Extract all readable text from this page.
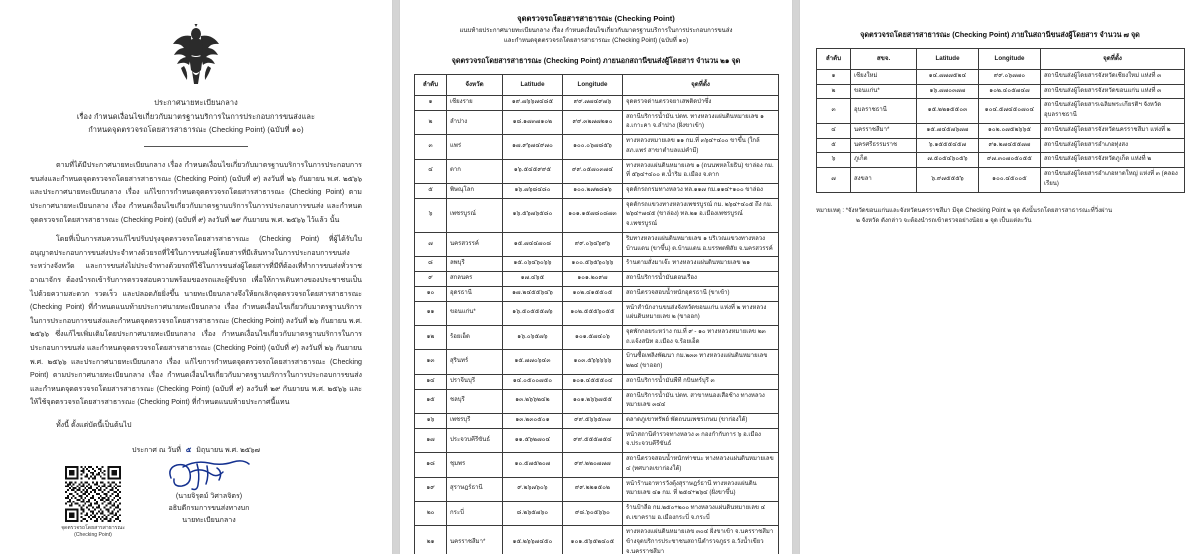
ประกาศนายทะเบียนกลาง
เรื่อง กำหนดเงื่อนไขเกี่ยวกับมาตรฐานบริการในการประกอบการขนส่งและ
กำหนดจุดตรวจรถโดยสารสาธารณะ (Checking Point) (ฉบับที่ ๑๐)

ตามที่ได้มีประกาศนายทะเบียนกลาง เรื่อง กำหนดเงื่อนไขเกี่ยวกับมาตรฐานบริการในการประกอบการขนส่งและกำหนดจุดตรวจรถโดยสารสาธารณะ (Checking Point) (ฉบับที่ ๙) ลงวันที่ ๒๖ กันยายน พ.ศ. ๒๕๖๖ และประกาศนายทะเบียนกลาง เรื่อง แก้ไขการกำหนดจุดตรวจรถโดยสารสาธารณะ (Checking Point) ตามประกาศนายทะเบียนกลาง เรื่อง กำหนดเงื่อนไขเกี่ยวกับมาตรฐานบริการในการประกอบการขนส่ง และกำหนดจุดตรวจรถโดยสารสาธารณะ (Checking Point) (ฉบับที่ ๙) ลงวันที่ ๒๙ กันยายน พ.ศ. ๒๕๖๖ ไว้แล้ว นั้น

โดยที่เป็นการสมควรแก้ไขปรับปรุงจุดตรวจรถโดยสารสาธารณะ (Checking Point) ที่ผู้ได้รับใบอนุญาตประกอบการขนส่งประจำทางด้วยรถที่ใช้ในการขนส่งผู้โดยสารที่มีเส้นทางในการประกอบการขนส่งระหว่างจังหวัด และการขนส่งไม่ประจำทางด้วยรถที่ใช้ในการขนส่งผู้โดยสารที่มีที่ต้องเที่ทำการขนส่งทั่วราชอาณาจักร ต้องนำรถเข้ารับการตรวจสอบความพร้อมของรถและผู้ขับรถ เพื่อให้การเดินทางของประชาชนเป็นไปด้วยความสะดวก รวดเร็ว และปลอดภัยยิ่งขึ้น นายทะเบียนกลางจึงให้ยกเลิกจุดตรวจรถโดยสารสาธารณะ (Checking Point) ที่กำหนดแนบท้ายประกาศนายทะเบียนกลาง เรื่อง กำหนดเงื่อนไขเกี่ยวกับมาตรฐานบริการในการประกอบการขนส่งและกำหนดจุดตรวจรถโดยสารสาธารณะ (Checking Point) ลงวันที่ ๒๖ กันยายน พ.ศ. ๒๕๖๖ ซึ่งแก้ไขเพิ่มเติมโดยประกาศนายทะเบียนกลาง เรื่อง กำหนดเงื่อนไขเกี่ยวกับมาตรฐานบริการในการประกอบการขนส่ง และกำหนดจุดตรวจรถโดยสารสาธารณะ (Checking Point) (ฉบับที่ ๙) ลงวันที่ ๒๖ กันยายน พ.ศ. ๒๕๖๖ และประกาศนายทะเบียนกลาง เรื่อง แก้ไขการกำหนดจุดตรวจรถโดยสารสาธารณะ (Checking Point) ตามประกาศนายทะเบียนกลาง เรื่อง กำหนดเงื่อนไขเกี่ยวกับมาตรฐานบริการในการประกอบการขนส่ง และกำหนดจุดตรวจรถโดยสารสาธารณะ (Checking Point) (ฉบับที่ ๙) ลงวันที่ ๒๙ กันยายน พ.ศ. ๒๕๖๖ และให้ใช้จุดตรวจรถโดยสารสาธารณะ (Checking Point) ที่กำหนดแนบท้ายประกาศนี้แทน

ทั้งนี้ ตั้งแต่บัดนี้เป็นต้นไป

ประกาศ ณ วันที่ ๕ มิถุนายน พ.ศ. ๒๕๖๗
(นายจิรุตม์ วิศาลจิตร)
อธิบดีกรมการขนส่งทางบก
นายทะเบียนกลาง
จุดตรวจรถโดยสารสาธารณะ
(Checking Point)
จุดตรวจรถโดยสารสาธารณะ (Checking Point)
แนบท้ายประกาศนายทะเบียนกลาง เรื่อง กำหนดเงื่อนไขเกี่ยวกับมาตรฐานบริการในการประกอบการขนส่ง
และกำหนดจุดตรวจรถโดยสารสาธารณะ (Checking Point) (ฉบับที่ ๑๐)
จุดตรวจรถโดยสารสาธารณะ (Checking Point) ภายนอกสถานีขนส่งผู้โดยสาร จำนวน ๒๑ จุด
ลำดับ	จังหวัด	Latitude	Longitude	จุดที่ตั้ง
๑	เชียงราย	๑๙.๗๖๖๗๔๘๕	๙๙.๗๗๔๙๗๖	จุดตรวจด่านตรวจยาเสพติดป่าซึ่ง
๒	ลำปาง	๑๘.๑๗๓๗๑๐๒	๙๙.๓๒๗๗๒๑๐	สถานีบริการน้ำมัน ปตท. ทางหลวงแผ่นดินหมายเลข ๑ อ.เกาะคา จ.ลำปาง (ฝั่งขาเข้า)
๓	แพร่	๑๗.๙๖๗๔๙๗๐	๑๐๐.๐๖๗๘๕๖	ทางหลวงหมายเลข ๑๑ กม.ที่ ๓๖๔+๔๐๐ ขาขึ้น (ใกล้ สภ.แพร่ สาขาตำบลแม่คำมี)
๔	ตาก	๑๖.๕๔๕๙๙๕	๙๙.๐๕๗๐๓๗๔	ทางหลวงแผ่นดินหมายเลข ๑ (ถนนพหลโยธิน) ขาล่อง กม. ที่ ๕๖๔+๔๐๐ ต.น้ำริม อ.เมือง จ.ตาก
๕	พิษณุโลก	๑๖.๗๖๘๔๘๐	๑๐๐.๒๗๒๘๑๖	จุดตักรถกรมทางหลวง ทล.๑๑๗ กม.๑๑๔+๑๐๐ ขาล่อง
๖	เพชรบูรณ์	๑๖.๕๖๗๖๕๘๐	๑๐๑.๑๕๗๘๐๘๗๓	จุดตักรถแขวงทางหลวงเพชรบูรณ์ กม. ๒๖๔+๔๐๕ ถึง กม. ๒๖๔+๗๔๕ (ขาล่อง) ทล.๒๑ อ.เมืองเพชรบูรณ์ จ.เพชรบูรณ์
๗	นครสวรรค์	๑๕.๗๔๔๗๐๘	๙๙.๐๖๔๖๙๖	ริมทางหลวงแผ่นดินหมายเลข ๑ บริเวณแขวงทางหลวงบ้านแดน (ขาขึ้น) ต.บ้านแดน อ.บรรพตพิสัย จ.นครสวรรค์
๘	ลพบุรี	๑๕.๐๖๔๖๐๖๖	๑๐๐.๕๖๕๖๐๖๖	ร้านตามสั่งมาเจ๊ะ ทางหลวงแผ่นดินหมายเลข ๒๑
๙	สกลนคร	๑๗.๔๖๕	๑๐๑.๒๐๙๗	สถานีบริการน้ำมันดอนเรือง
๑๐	อุดรธานี	๑๗.๒๔๕๕๖๔๖	๑๐๒.๔๑๕๕๐๕	สถานีตรวจสอบน้ำหนักอุดรธานี (ขาเข้า)
๑๑	ขอนแก่น*	๑๖.๕๐๕๕๕๗๖	๑๐๒.๕๕๕๖๐๕๕	หน้าสำนักงานขนส่งจังหวัดขอนแก่น แห่งที่ ๒ ทางหลวงแผ่นดินหมายเลข ๒ (ขาออก)
๑๒	ร้อยเอ็ด	๑๖.๐๖๕๗๖	๑๐๑.๕๗๔๐๖	จุดพักกอยระหว่าง กม.ที่ ๙ - ๑๐ ทางหลวงหมายเลข ๒๓ ถ.แจ้งสนิท อ.เมือง จ.ร้อยเอ็ด
๑๓	สุรินทร์	๑๕.๗๗๐๖๔๓	๑๐๓.๕๖๖๖๖๖	บ้านซื้อเพลิงพัฒนา กม.๒๓๓ ทางหลวงแผ่นดินหมายเลข ๒๒๔ (ขาออก)
๑๔	ปราจีนบุรี	๑๔.๐๕๐๐๗๕๐	๑๐๑.๔๕๕๕๐๔	สถานีบริการน้ำมันพีที กบินทร์บุรี ๓
๑๕	ชลบุรี	๑๓.๒๖๖๒๔๒	๑๐๑.๒๖๖๗๕๕	สถานีบริการน้ำมัน ปตท. สาขาหนองเสือช้าง ทางหลวงหมายเลข ๓๔๔
๑๖	เพชรบุรี	๑๓.๒๓๐๕๐๑	๙๙.๕๖๖๕๓๗	ตลาดภูเขาทรัพย์ พัดถนนเพชรเกษม (ขาก่องใต้)
๑๗	ประจวบคีรีขันธ์	๑๑.๕๖๒๗๐๔	๙๙.๕๕๕๗๕๔	หน้าสถานีตำรวจทางหลวง ๓ กองกำกับการ ๖ อ.เมือง จ.ประจวบคีรีขันธ์
๑๘	ชุมพร	๑๐.๕๗๕๒๐๗	๙๙.๒๒๐๗๗๗	สถานีตรวจสอบน้ำหนักท่าชนะ ทางหลวงแผ่นดินหมายเลข ๔ (ทศบาลเขาก่องใต้)
๑๙	สุราษฎร์ธานี	๙.๒๖๗๖๐๖	๙๙.๒๒๑๕๐๒	หน้าร้านอาหารวังตุ้งสุราษฎร์ธานี ทางหลวงแผ่นดินหมายเลข ๔๑ กม. ที่ ๒๕๔+๒๖๔ (ฝั่งขาขึ้น)
๒๐	กระบี่	๘.๒๖๕๗๖๐	๙๘.๖๐๕๖๖๐	ร้านป้าลือ กม.๒๕๐+๒๐๐ ทางหลวงแผ่นดินหมายเลข ๔ ต.เขาคราม อ.เมืองกระบี่ จ.กระบี่
๒๑	นครราชสีมา*	๑๕.๒๖๖๗๔๕๐	๑๐๑.๕๖๕๒๔๐๕	ทางหลวงแผ่นดินหมายเลข ๓๐๔ ฝั่งขาเข้า จ.นครราชสีมา ข้างจุดบริการประชาชนสถานีตำรวจภูธร อ.วังน้ำเขียว จ.นครราชสีมา
จุดตรวจรถโดยสารสาธารณะ (Checking Point) ภายในสถานีขนส่งผู้โดยสาร จำนวน ๗ จุด
ลำดับ	สขจ.	Latitude	Longitude	จุดที่ตั้ง
๑	เชียงใหม่	๑๔.๗๗๗๕๒๔	๙๙.๐๖๗๗๐	สถานีขนส่งผู้โดยสารจังหวัดเชียงใหม่ แห่งที่ ๓
๒	ขอนแก่น*	๑๖.๗๗๐๓๗๗	๑๐๒.๔๐๕๗๔๗	สถานีขนส่งผู้โดยสารจังหวัดขอนแก่น แห่งที่ ๓
๓	อุบลราชธานี	๑๕.๒๒๑๕๕๐๓	๑๐๔.๕๗๔๕๐๗๐๔	สถานีขนส่งผู้โดยสารเฉลิมพระเกียรติฯ จังหวัดอุบลราชธานี
๔	นครราชสีมา*	๑๕.๗๔๕๗๖๗๗	๑๐๒.๐๗๕๒๖๖๕	สถานีขนส่งผู้โดยสารจังหวัดนครราชสีมา แห่งที่ ๒
๕	นครศรีธรรมราช	๖.๑๕๕๕๔๕๗	๙๑.๒๗๔๕๕๗๗	สถานีขนส่งผู้โดยสารอำเภอทุ่งสง
๖	ภูเก็ต	๗.๕๐๕๔๖๐๕๖	๙๗.๓๐๗๐๕๐๕๕	สถานีขนส่งผู้โดยสารจังหวัดภูเก็ต แห่งที่ ๒
๗	สงขลา	๖.๙๗๕๕๕๖	๑๐๐.๔๕๐๐๕	สถานีขนส่งผู้โดยสารอำเภอหาดใหญ่ แห่งที่ ๓ (คลองเรียน)
หมายเหตุ : *จังหวัดขอนแก่นและจังหวัดนครราชสีมา มีจุด Checking Point ๒ จุด ดังนั้นรถโดยสารสาธารณะที่วิ่งผ่าน
๒ จังหวัด ดังกล่าว จะต้องนำรถเข้าตรวจอย่างน้อย ๑ จุด เป็นแต่ละวัน
